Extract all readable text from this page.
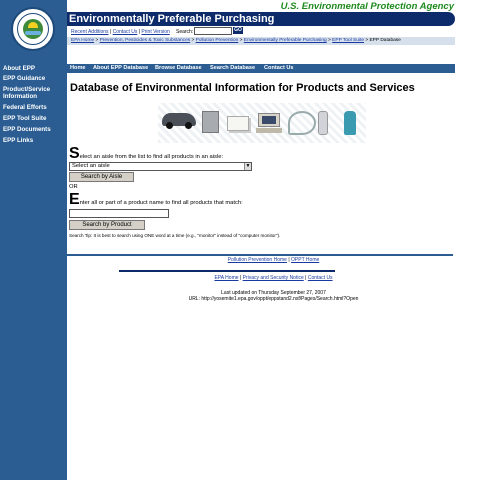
About EPP
EPP Guidance
Product/Service Information
Federal Efforts
EPP Tool Suite
EPP Documents
EPP Links
U.S. Environmental Protection Agency
Environmentally Preferable Purchasing
Recent Additions | Contact Us | Print Version Search:	GO
EPA Home > Prevention, Pesticides & Toxic Substances > Pollution Prevention > Environmentally Preferable Purchasing > EPP Tool Suite > EPP Database
Home About EPP Database Browse Database Search Database Contact Us
Database of Environmental Information for Products and Services
Select an aisle from the list to find all products in an aisle:
Select an aisle	▼
Search by Aisle
OR
Enter all or part of a product name to find all products that match:
Search by Product
Search Tip: It is best to search using ONE word at a time (e.g., "monitor" instead of "computer monitor").
Pollution Prevention Home | OPPT Home
EPA Home | Privacy and Security Notice | Contact Us
Last updated on Thursday September 27, 2007
URL: http://yosemite1.epa.gov/oppt/eppstand2.nsf/Pages/Search.html?Open
